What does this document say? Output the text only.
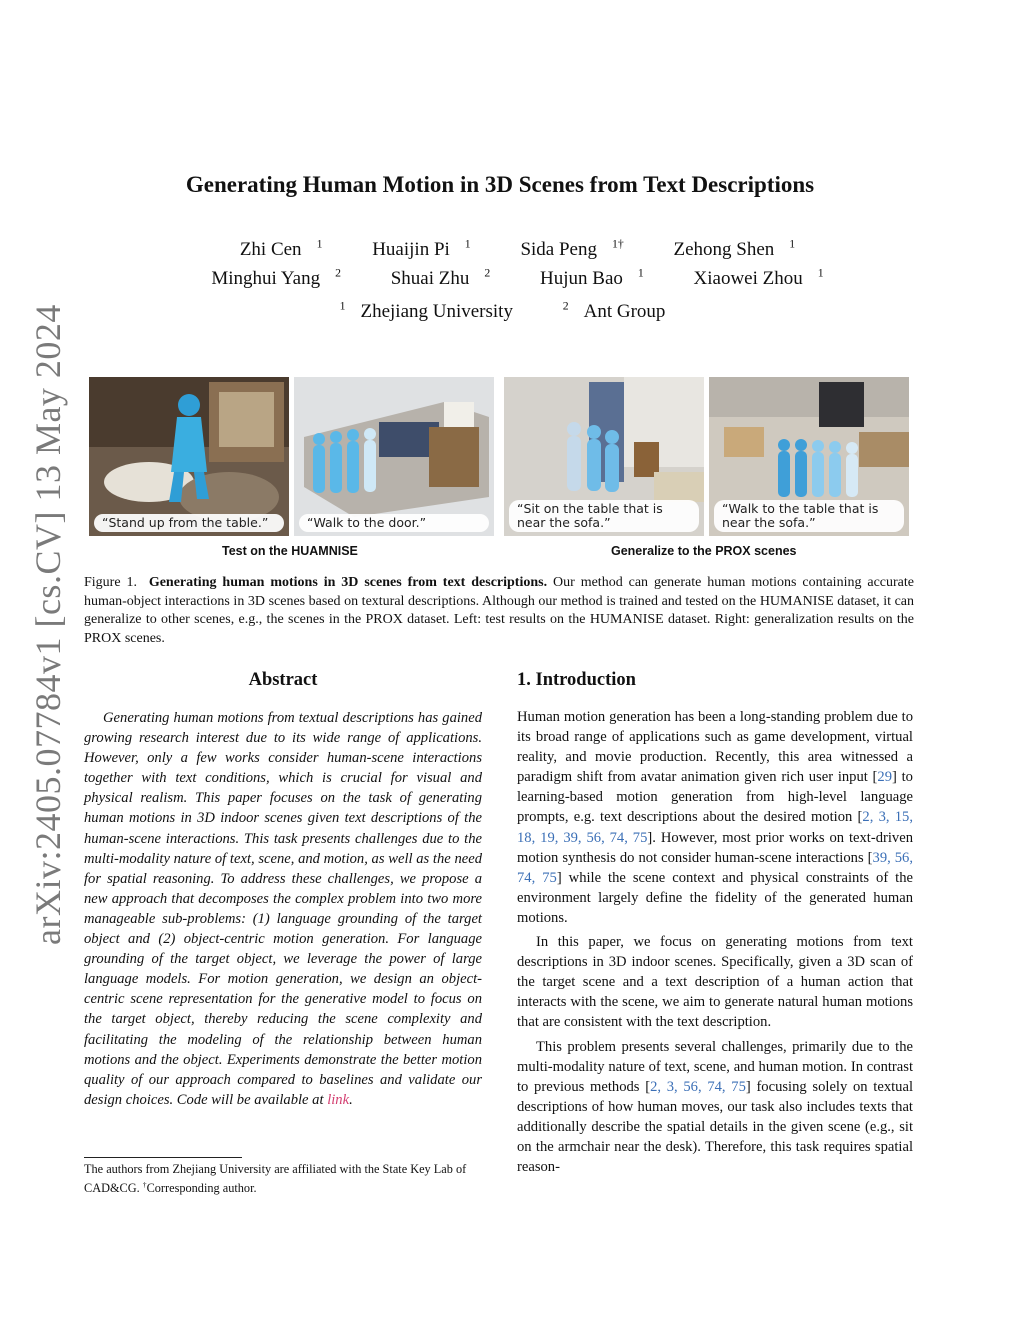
arXiv:2405.07784v1 [cs.CV] 13 May 2024
Generating Human Motion in 3D Scenes from Text Descriptions
Zhi Cen $^1$	Huaijin Pi $^1$	Sida Peng $^{1\dagger}$	Zehong Shen $^1$
Minghui Yang $^2$	Shuai Zhu $^2$	Hujun Bao $^1$	Xiaowei Zhou $^1$
$^1$ Zhejiang University	$^2$ Ant Group
“Stand up from the table.”	“Walk to the door.”
“Sit on the table that is near the sofa.”
“Walk to the table that is near the sofa.”
Test on the HUAMNISE	Generalize to the PROX scenes
Figure 1. Generating human motions in 3D scenes from text descriptions. Our method can generate human motions containing accurate human-object interactions in 3D scenes based on textural descriptions. Although our method is trained and tested on the HUMANISE dataset, it can generalize to other scenes, e.g., the scenes in the PROX dataset. Left: test results on the HUMANISE dataset. Right: generalization results on the PROX scenes.
Abstract
Generating human motions from textual descriptions has gained growing research interest due to its wide range of applications. However, only a few works consider human-scene interactions together with text conditions, which is crucial for visual and physical realism. This paper focuses on the task of generating human motions in 3D indoor scenes given text descriptions of the human-scene interactions. This task presents challenges due to the multi-modality nature of text, scene, and motion, as well as the need for spatial reasoning. To address these challenges, we propose a new approach that decomposes the complex problem into two more manageable sub-problems: (1) language grounding of the target object and (2) object-centric motion generation. For language grounding of the target object, we leverage the power of large language models. For motion generation, we design an object-centric scene representation for the generative model to focus on the target object, thereby reducing the scene complexity and facilitating the modeling of the relationship between human motions and the object. Experiments demonstrate the better motion quality of our approach compared to baselines and validate our design choices. Code will be available at link.
The authors from Zhejiang University are affiliated with the State Key Lab of CAD&CG. †Corresponding author.
1. Introduction

Human motion generation has been a long-standing problem due to its broad range of applications such as game development, virtual reality, and movie production. Recently, this area witnessed a paradigm shift from avatar animation given rich user input [29] to learning-based motion generation from high-level language prompts, e.g. text descriptions about the desired motion [2, 3, 15, 18, 19, 39, 56, 74, 75]. However, most prior works on text-driven motion synthesis do not consider human-scene interactions [39, 56, 74, 75] while the scene context and physical constraints of the environment largely define the fidelity of the generated human motions.

In this paper, we focus on generating motions from text descriptions in 3D indoor scenes. Specifically, given a 3D scan of the target scene and a text description of a human action that interacts with the scene, we aim to generate natural human motions that are consistent with the text description.

This problem presents several challenges, primarily due to the multi-modality nature of text, scene, and human motion. In contrast to previous methods [2, 3, 56, 74, 75] focusing solely on textual descriptions of how human moves, our task also includes texts that additionally describe the spatial details in the given scene (e.g., sit on the armchair near the desk). Therefore, this task requires spatial reason-
